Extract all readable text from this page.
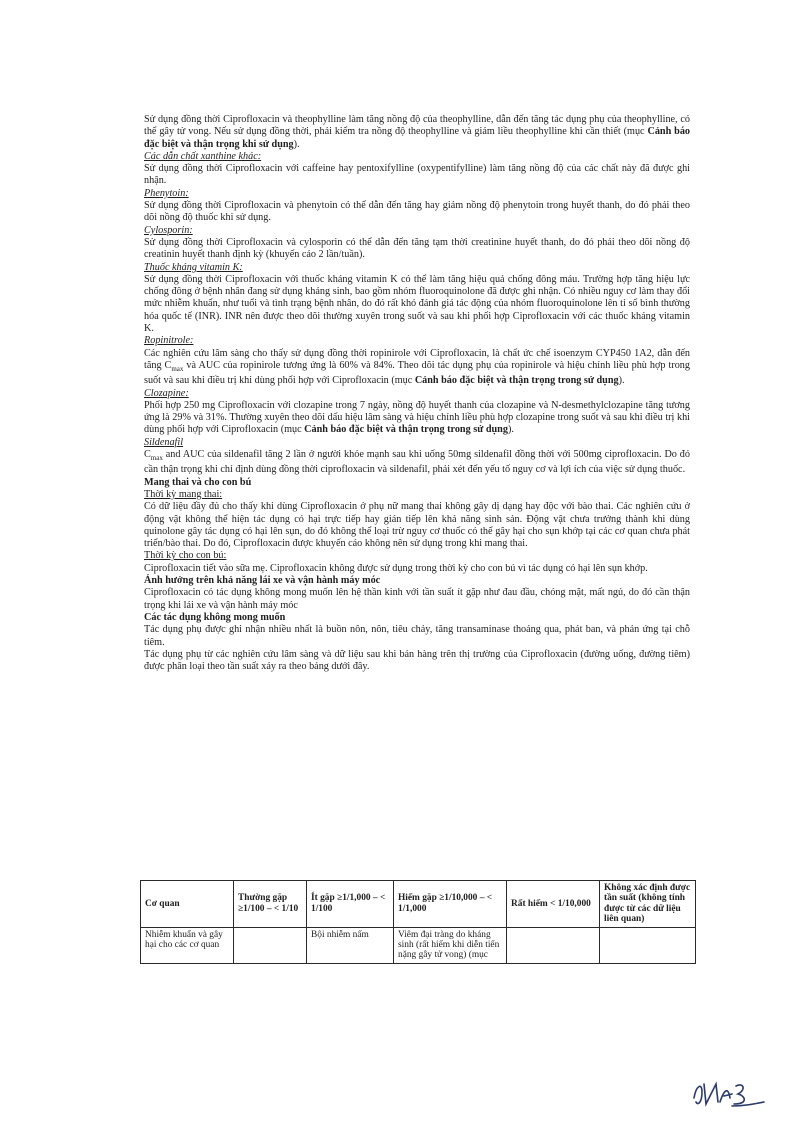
Sử dụng đồng thời Ciprofloxacin và theophylline làm tăng nồng độ của theophylline, dẫn đến tăng tác dụng phụ của theophylline, có thể gây tử vong. Nếu sử dụng đồng thời, phải kiểm tra nồng độ theophylline và giảm liều theophylline khi cần thiết (mục Cảnh báo đặc biệt và thận trọng khi sử dụng).

Các dẫn chất xanthine khác:

Sử dụng đồng thời Ciprofloxacin với caffeine hay pentoxifylline (oxypentifylline) làm tăng nồng độ của các chất này đã được ghi nhận.

Phenytoin:

Sử dụng đồng thời Ciprofloxacin và phenytoin có thể dẫn đến tăng hay giảm nồng độ phenytoin trong huyết thanh, do đó phải theo dõi nồng độ thuốc khi sử dụng.

Cylosporin:

Sử dụng đồng thời Ciprofloxacin và cylosporin có thể dẫn đến tăng tạm thời creatinine huyết thanh, do đó phải theo dõi nồng độ creatinin huyết thanh định kỳ (khuyến cáo 2 lần/tuần).

Thuốc kháng vitamin K:

Sử dụng đồng thời Ciprofloxacin với thuốc kháng vitamin K có thể làm tăng hiệu quả chống đông máu. Trường hợp tăng hiệu lực chống đông ở bệnh nhân đang sử dụng kháng sinh, bao gồm nhóm fluoroquinolone đã được ghi nhận. Có nhiều nguy cơ làm thay đổi mức nhiễm khuẩn, như tuổi và tình trạng bệnh nhân, do đó rất khó đánh giá tác động của nhóm fluoroquinolone lên tỉ số bình thường hóa quốc tế (INR). INR nên được theo dõi thường xuyên trong suốt và sau khi phối hợp Ciprofloxacin với các thuốc kháng vitamin K.

Ropinitrole:

Các nghiên cứu lâm sàng cho thấy sử dụng đồng thời ropinirole với Ciprofloxacin, là chất ức chế isoenzym CYP450 1A2, dẫn đến tăng $C_{max}$ và AUC của ropinirole tương ứng là 60% và 84%. Theo dõi tác dụng phụ của ropinirole và hiệu chỉnh liều phù hợp trong suốt và sau khi điều trị khi dùng phối hợp với Ciprofloxacin (mục Cảnh báo đặc biệt và thận trọng trong sử dụng).

Clozapine:

Phối hợp 250 mg Ciprofloxacin với clozapine trong 7 ngày, nồng độ huyết thanh của clozapine và N-desmethylclozapine tăng tương ứng là 29% và 31%. Thường xuyên theo dõi dấu hiệu lâm sàng và hiệu chỉnh liều phù hợp clozapine trong suốt và sau khi điều trị khi dùng phối hợp với Ciprofloxacin (mục Cảnh báo đặc biệt và thận trọng trong sử dụng).

Sildenafil

$C_{max}$ and AUC của sildenafil tăng 2 lần ở người khỏe mạnh sau khi uống 50mg sildenafil đồng thời với 500mg ciprofloxacin. Do đó cần thận trọng khi chỉ định dùng đồng thời ciprofloxacin và sildenafil, phải xét đến yếu tố nguy cơ và lợi ích của việc sử dụng thuốc.

Mang thai và cho con bú

Thời kỳ mang thai:

Có dữ liệu đầy đủ cho thấy khi dùng Ciprofloxacin ở phụ nữ mang thai không gây dị dạng hay độc với bào thai. Các nghiên cứu ở động vật không thể hiện tác dụng có hại trực tiếp hay gián tiếp lên khả năng sinh sản. Động vật chưa trưởng thành khi dùng quinolone gây tác dụng có hại lên sụn, do đó không thể loại trừ nguy cơ thuốc có thể gây hại cho sụn khớp tại các cơ quan chưa phát triển/bào thai. Do đó, Ciprofloxacin được khuyến cáo không nên sử dụng trong khi mang thai.

Thời kỳ cho con bú:

Ciprofloxacin tiết vào sữa mẹ. Ciprofloxacin không được sử dụng trong thời kỳ cho con bú vì tác dụng có hại lên sụn khớp.

Ảnh hưởng trên khả năng lái xe và vận hành máy móc

Ciprofloxacin có tác dụng không mong muốn lên hệ thần kinh với tần suất ít gặp như đau đầu, chóng mặt, mất ngủ, do đó cần thận trọng khi lái xe và vận hành máy móc

Các tác dụng không mong muốn

Tác dụng phụ được ghi nhận nhiều nhất là buồn nôn, nôn, tiêu chảy, tăng transaminase thoáng qua, phát ban, và phản ứng tại chỗ tiêm.

Tác dụng phụ từ các nghiên cứu lâm sàng và dữ liệu sau khi bán hàng trên thị trường của Ciprofloxacin (đường uống, đường tiêm) được phân loại theo tần suất xảy ra theo bảng dưới đây.

Cơ quan	Thường gặp ≥1/100 – < 1/10	Ít gặp ≥1/1,000 – < 1/100	Hiếm gặp ≥1/10,000 – < 1/1,000	Rất hiếm < 1/10,000	Không xác định được tần suất (không tính được từ các dữ liệu liên quan)
Nhiễm khuẩn và gây hại cho các cơ quan		Bội nhiễm nấm	Viêm đại tràng do kháng sinh (rất hiếm khi diễn tiến nặng gây tử vong) (mục		
